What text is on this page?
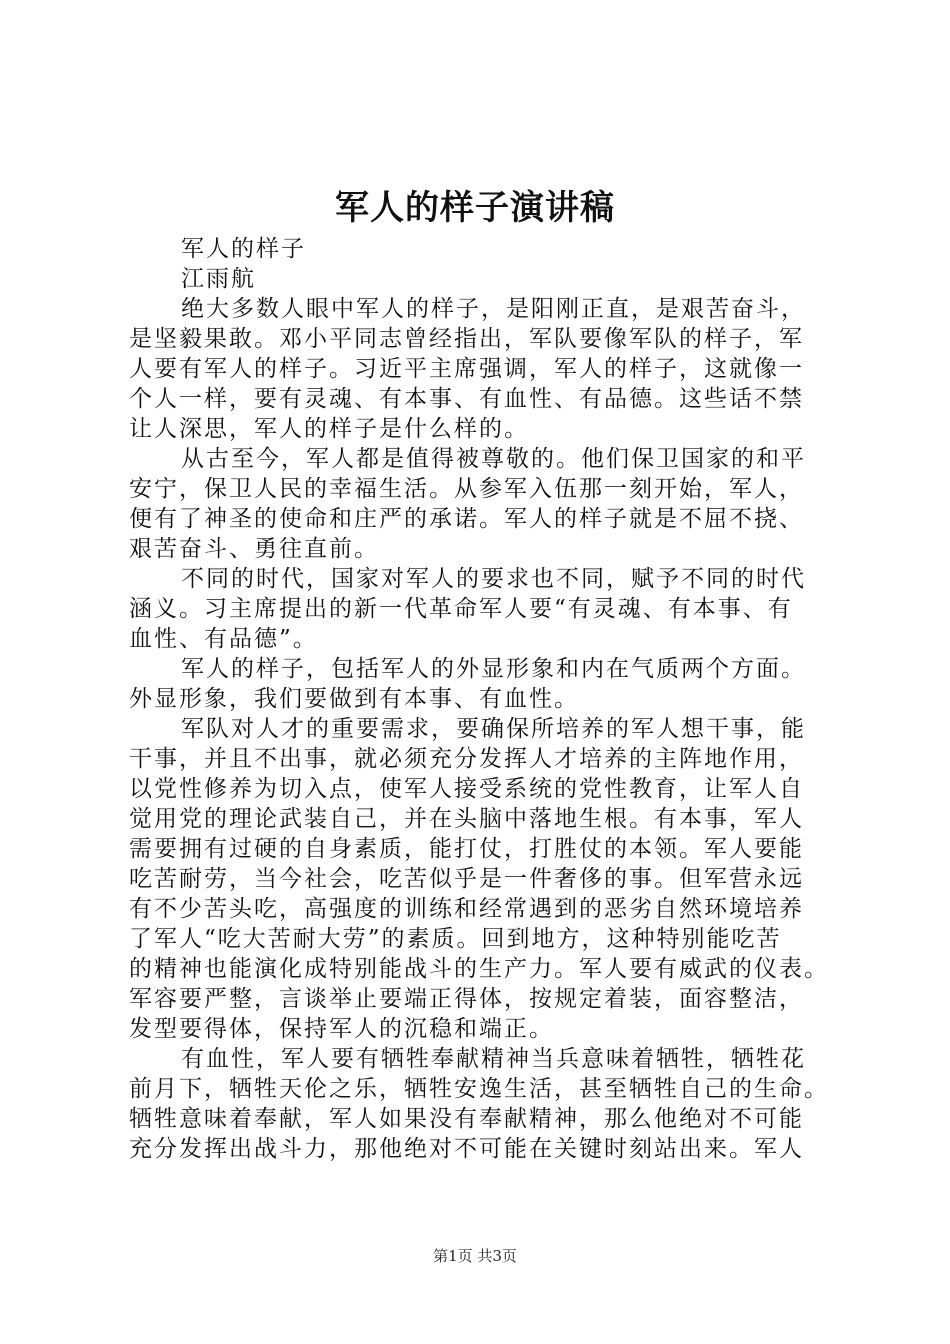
军人的样子演讲稿
军人的样子
江雨航
绝大多数人眼中军人的样子，是阳刚正直，是艰苦奋斗，
是坚毅果敢。邓小平同志曾经指出，军队要像军队的样子，军
人要有军人的样子。习近平主席强调，军人的样子，这就像一
个人一样，要有灵魂、有本事、有血性、有品德。这些话不禁
让人深思，军人的样子是什么样的。
从古至今，军人都是值得被尊敬的。他们保卫国家的和平
安宁，保卫人民的幸福生活。从参军入伍那一刻开始，军人，
便有了神圣的使命和庄严的承诺。军人的样子就是不屈不挠、
艰苦奋斗、勇往直前。
不同的时代，国家对军人的要求也不同，赋予不同的时代
涵义。习主席提出的新一代革命军人要“有灵魂、有本事、有
血性、有品德”。
军人的样子，包括军人的外显形象和内在气质两个方面。
外显形象，我们要做到有本事、有血性。
军队对人才的重要需求，要确保所培养的军人想干事，能
干事，并且不出事，就必须充分发挥人才培养的主阵地作用，
以党性修养为切入点，使军人接受系统的党性教育，让军人自
觉用党的理论武装自己，并在头脑中落地生根。有本事，军人
需要拥有过硬的自身素质，能打仗，打胜仗的本领。军人要能
吃苦耐劳，当今社会，吃苦似乎是一件奢侈的事。但军营永远
有不少苦头吃，高强度的训练和经常遇到的恶劣自然环境培养
了军人“吃大苦耐大劳”的素质。回到地方，这种特别能吃苦
的精神也能演化成特别能战斗的生产力。军人要有威武的仪表。
军容要严整，言谈举止要端正得体，按规定着装，面容整洁，
发型要得体，保持军人的沉稳和端正。
有血性，军人要有牺牲奉献精神当兵意味着牺牲，牺牲花
前月下，牺牲天伦之乐，牺牲安逸生活，甚至牺牲自己的生命。
牺牲意味着奉献，军人如果没有奉献精神，那么他绝对不可能
充分发挥出战斗力，那他绝对不可能在关键时刻站出来。军人
第1页 共3页
